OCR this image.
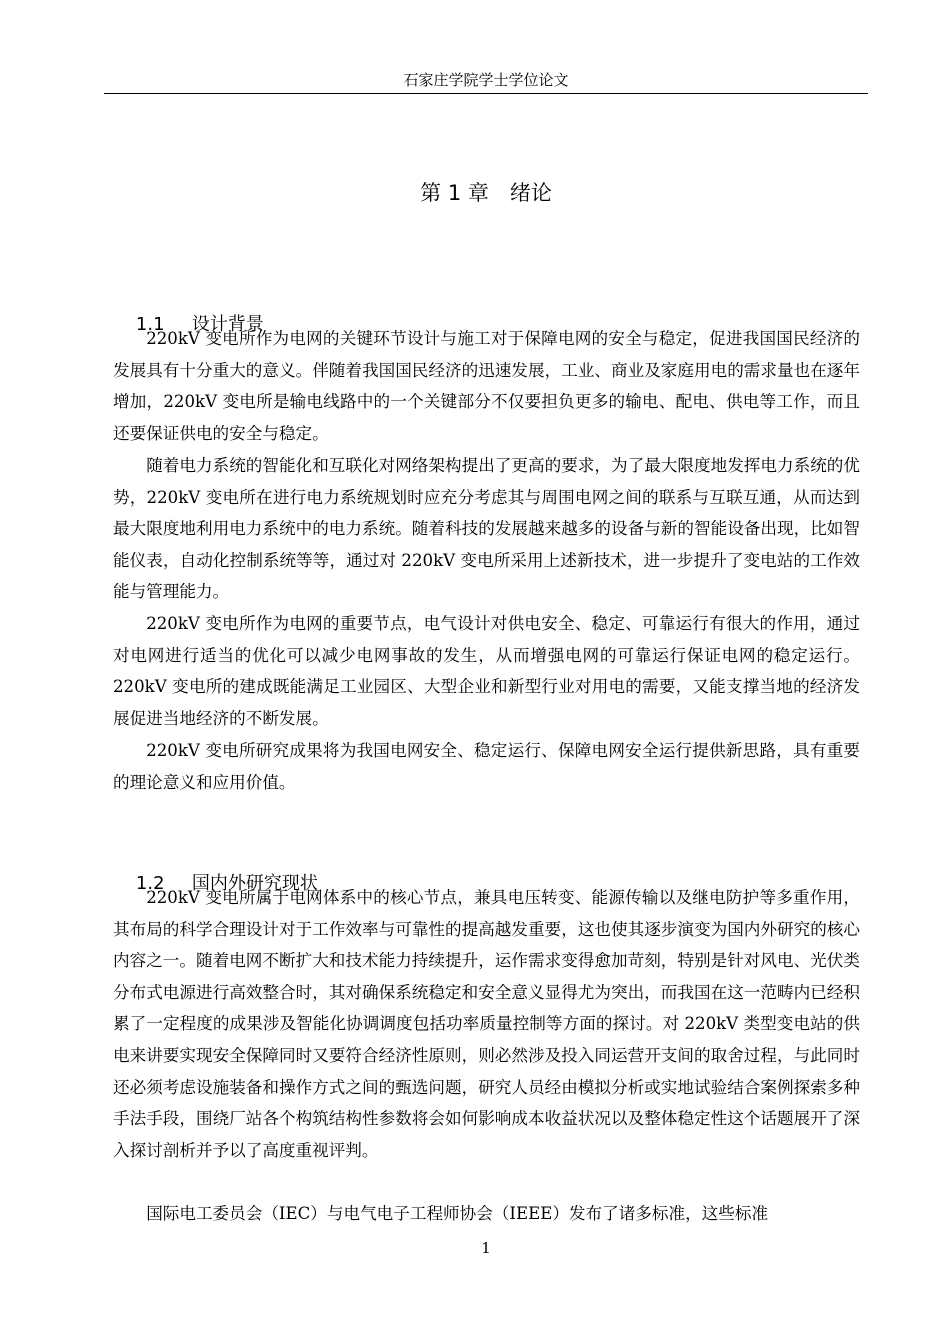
石家庄学院学士学位论文
第 1 章　绪论

1.1 设计背景

220kV 变电所作为电网的关键环节设计与施工对于保障电网的安全与稳定，促进我国国民经济的发展具有十分重大的意义。伴随着我国国民经济的迅速发展，工业、商业及家庭用电的需求量也在逐年增加，220kV 变电所是输电线路中的一个关键部分不仅要担负更多的输电、配电、供电等工作，而且还要保证供电的安全与稳定。

随着电力系统的智能化和互联化对网络架构提出了更高的要求，为了最大限度地发挥电力系统的优势，220kV 变电所在进行电力系统规划时应充分考虑其与周围电网之间的联系与互联互通，从而达到最大限度地利用电力系统中的电力系统。随着科技的发展越来越多的设备与新的智能设备出现，比如智能仪表，自动化控制系统等等，通过对 220kV 变电所采用上述新技术，进一步提升了变电站的工作效能与管理能力。

220kV 变电所作为电网的重要节点，电气设计对供电安全、稳定、可靠运行有很大的作用，通过对电网进行适当的优化可以减少电网事故的发生，从而增强电网的可靠运行保证电网的稳定运行。220kV 变电所的建成既能满足工业园区、大型企业和新型行业对用电的需要，又能支撑当地的经济发展促进当地经济的不断发展。

220kV 变电所研究成果将为我国电网安全、稳定运行、保障电网安全运行提供新思路，具有重要的理论意义和应用价值。

1.2 国内外研究现状

220kV 变电所属于电网体系中的核心节点，兼具电压转变、能源传输以及继电防护等多重作用，其布局的科学合理设计对于工作效率与可靠性的提高越发重要，这也使其逐步演变为国内外研究的核心内容之一。随着电网不断扩大和技术能力持续提升，运作需求变得愈加苛刻，特别是针对风电、光伏类分布式电源进行高效整合时，其对确保系统稳定和安全意义显得尤为突出，而我国在这一范畴内已经积累了一定程度的成果涉及智能化协调调度包括功率质量控制等方面的探讨。对 220kV 类型变电站的供电来讲要实现安全保障同时又要符合经济性原则，则必然涉及投入同运营开支间的取舍过程，与此同时还必须考虑设施装备和操作方式之间的甄选问题，研究人员经由模拟分析或实地试验结合案例探索多种手法手段，围绕厂站各个构筑结构性参数将会如何影响成本收益状况以及整体稳定性这个话题展开了深入探讨剖析并予以了高度重视评判。

国际电工委员会（IEC）与电气电子工程师协会（IEEE）发布了诸多标准，这些标准

1
